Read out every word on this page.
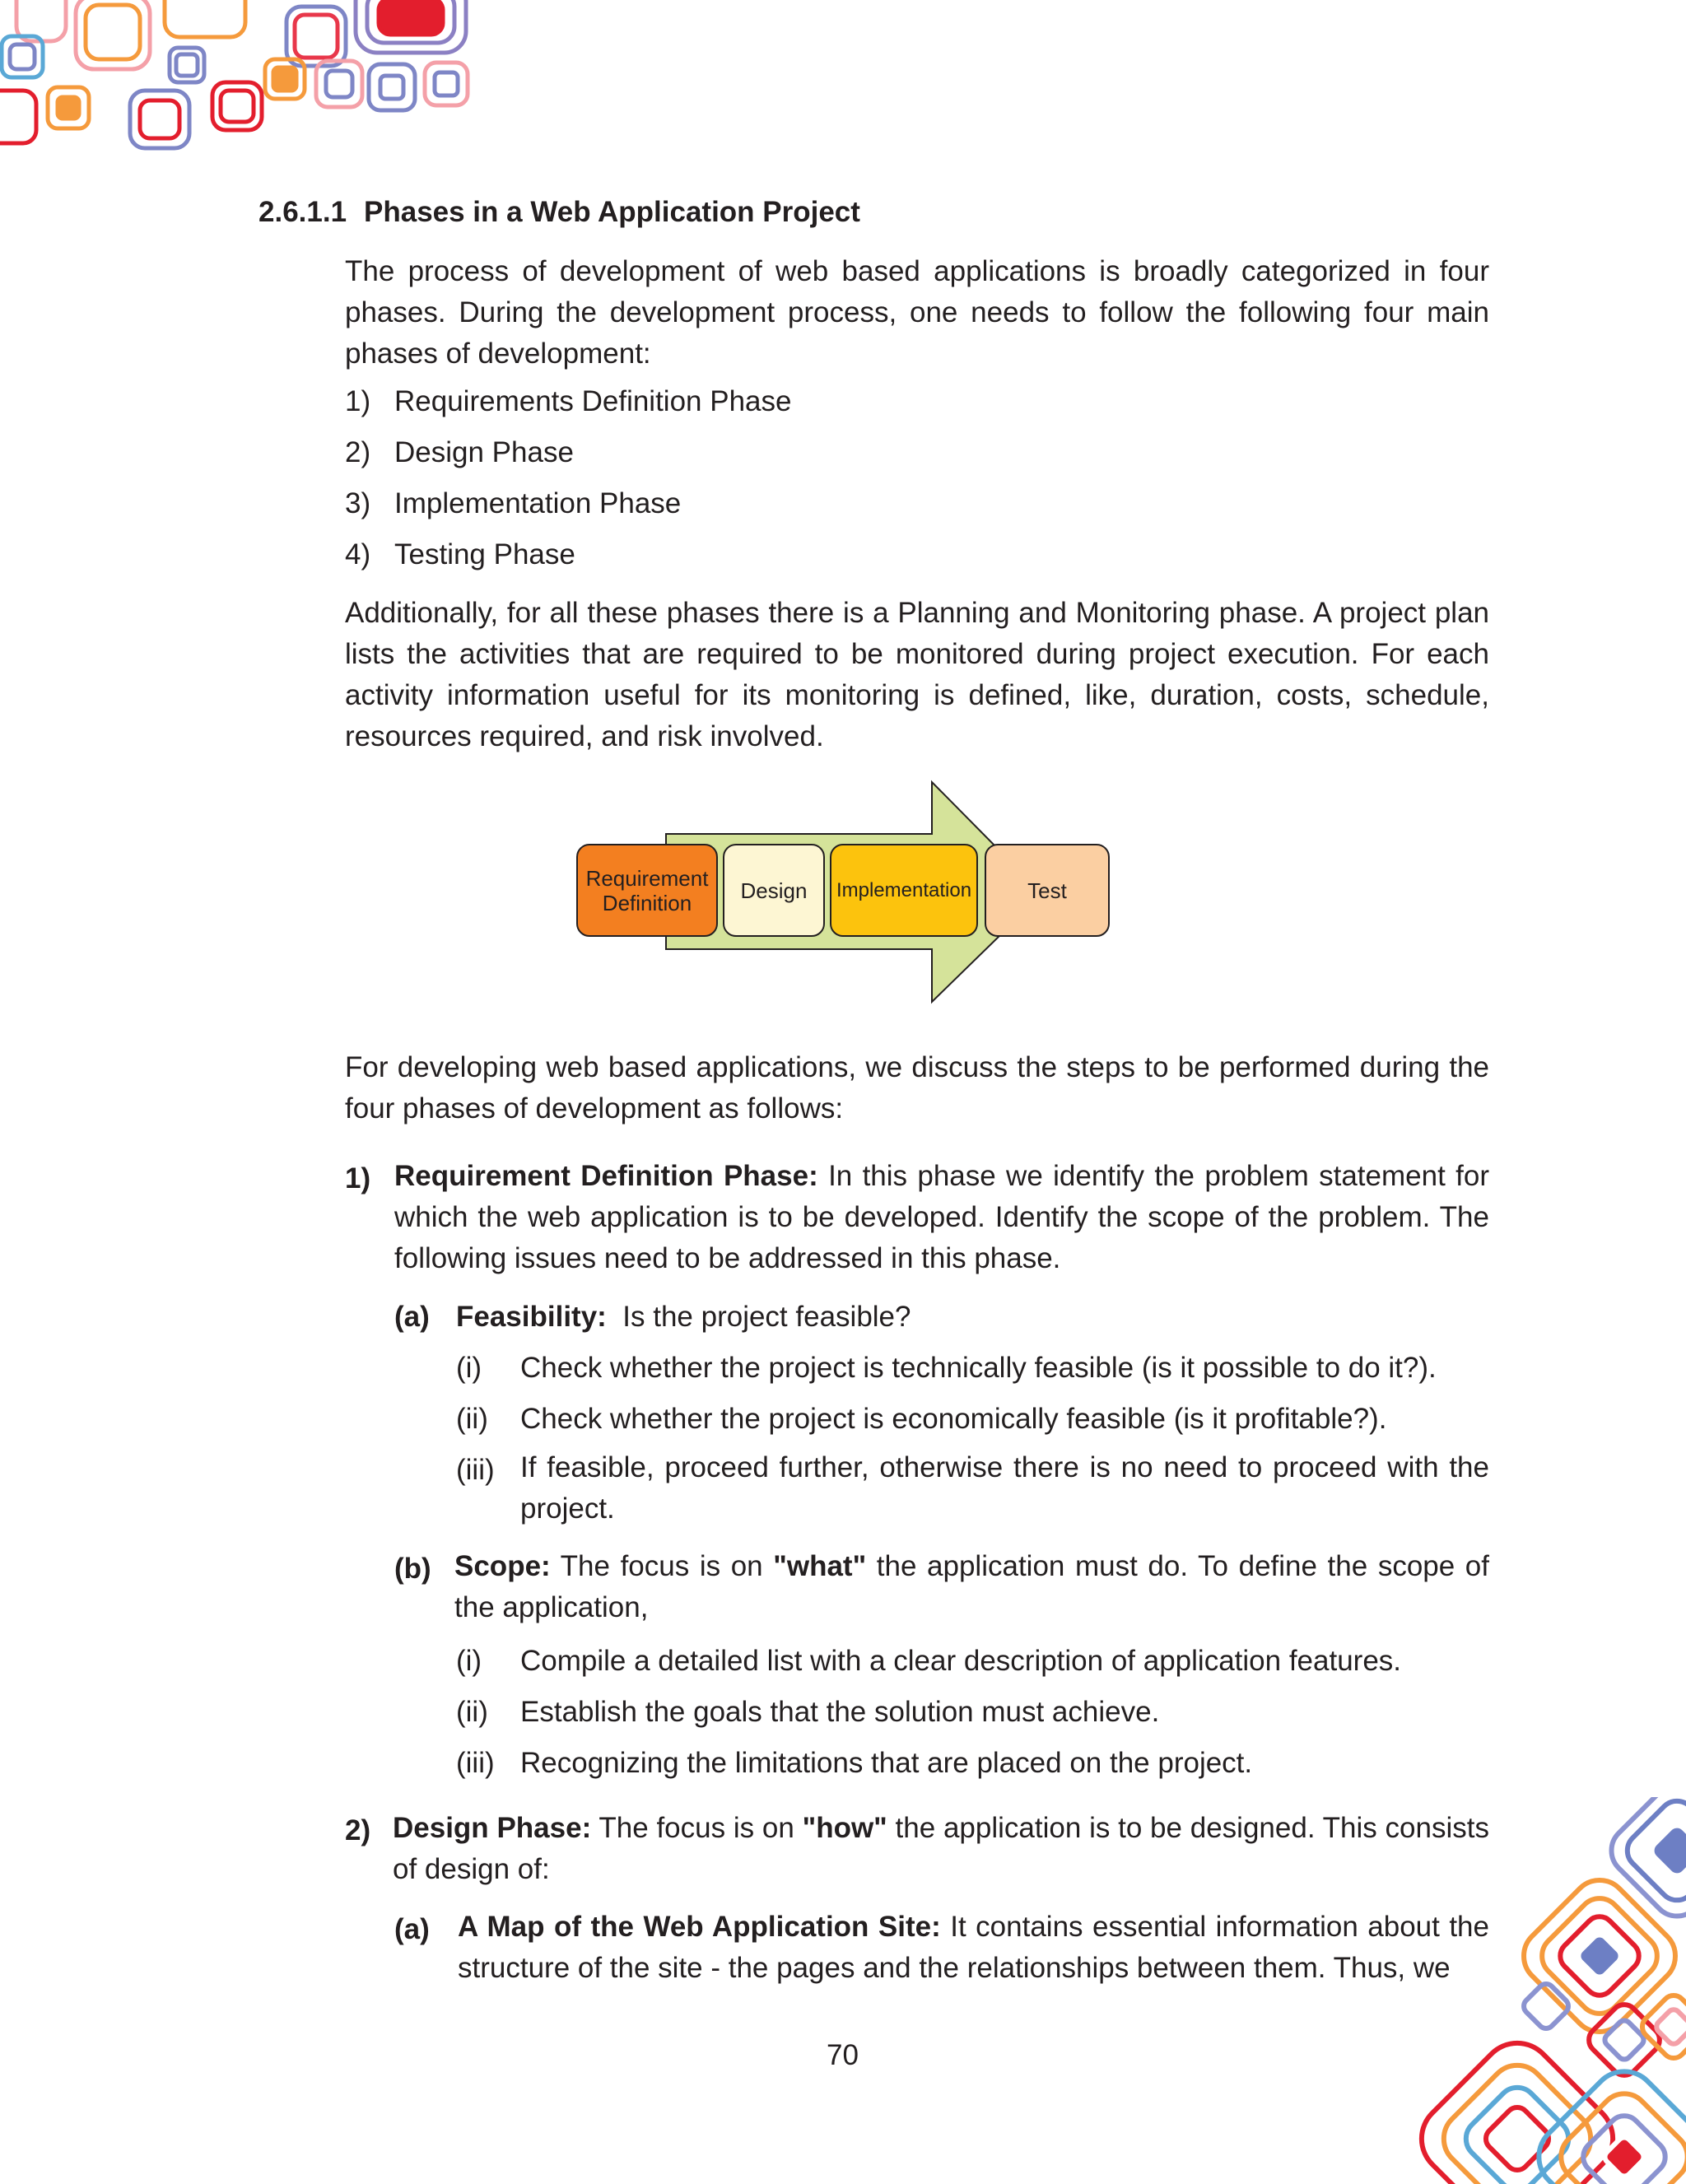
2.6.1.1 Phases in a Web Application Project

The process of development of web based applications is broadly categorized in four phases. During the development process, one needs to follow the following four main phases of development:

1) Requirements Definition Phase
2) Design Phase
3) Implementation Phase
4) Testing Phase

Additionally, for all these phases there is a Planning and Monitoring phase. A project plan lists the activities that are required to be monitored during project execution. For each activity information useful for its monitoring is defined, like, duration, costs, schedule, resources required, and risk involved.

Requirement Definition	Design	Implementation	Test

For developing web based applications, we discuss the steps to be performed during the four phases of development as follows:

1) Requirement Definition Phase: In this phase we identify the problem statement for which the web application is to be developed. Identify the scope of the problem. The following issues need to be addressed in this phase.

(a) Feasibility: Is the project feasible?
(i) Check whether the project is technically feasible (is it possible to do it?).
(ii) Check whether the project is economically feasible (is it profitable?).
(iii) If feasible, proceed further, otherwise there is no need to proceed with the project.

(b) Scope: The focus is on "what" the application must do. To define the scope of the application,

(i) Compile a detailed list with a clear description of application features.
(ii) Establish the goals that the solution must achieve.
(iii) Recognizing the limitations that are placed on the project.
2) Design Phase: The focus is on "how" the application is to be designed. This consists of design of:

(a) A Map of the Web Application Site: It contains essential information about the structure of the site - the pages and the relationships between them. Thus, we

70
